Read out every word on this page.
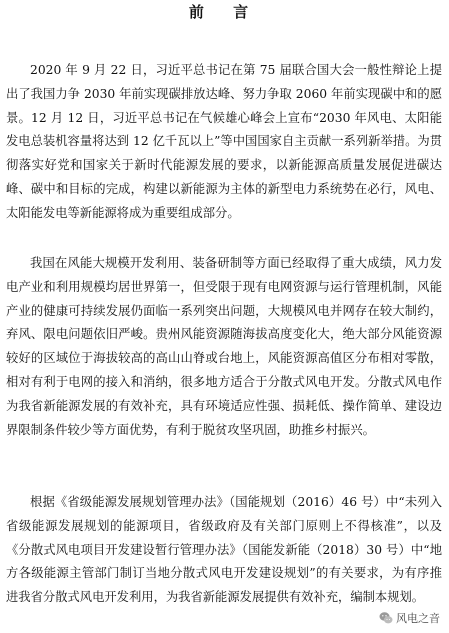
前 言

2020 年 9 月 22 日，习近平总书记在第 75 届联合国大会一般性辩论上提出了我国力争 2030 年前实现碳排放达峰、努力争取 2060 年前实现碳中和的愿景。12 月 12 日，习近平总书记在气候雄心峰会上宣布“2030 年风电、太阳能发电总装机容量将达到 12 亿千瓦以上”等中国国家自主贡献一系列新举措。为贯彻落实好党和国家关于新时代能源发展的要求，以新能源高质量发展促进碳达峰、碳中和目标的完成，构建以新能源为主体的新型电力系统势在必行，风电、太阳能发电等新能源将成为重要组成部分。

我国在风能大规模开发利用、装备研制等方面已经取得了重大成绩，风力发电产业和利用规模均居世界第一，但受限于现有电网资源与运行管理机制，风能产业的健康可持续发展仍面临一系列突出问题，大规模风电并网存在较大制约，弃风、限电问题依旧严峻。贵州风能资源随海拔高度变化大，绝大部分风能资源较好的区域位于海拔较高的高山山脊或台地上，风能资源高值区分布相对零散，相对有利于电网的接入和消纳，很多地方适合于分散式风电开发。分散式风电作为我省新能源发展的有效补充，具有环境适应性强、损耗低、操作简单、建设边界限制条件较少等方面优势，有利于脱贫攻坚巩固，助推乡村振兴。

根据《省级能源发展规划管理办法》（国能规划（2016）46 号）中“未列入省级能源发展规划的能源项目，省级政府及有关部门原则上不得核准”，以及《分散式风电项目开发建设暂行管理办法》（国能发新能（2018）30 号）中“地方各级能源主管部门制订当地分散式风电开发建设规划”的有关要求，为有序推进我省分散式风电开发利用，为我省新能源发展提供有效补充，编制本规划。

风电之音
